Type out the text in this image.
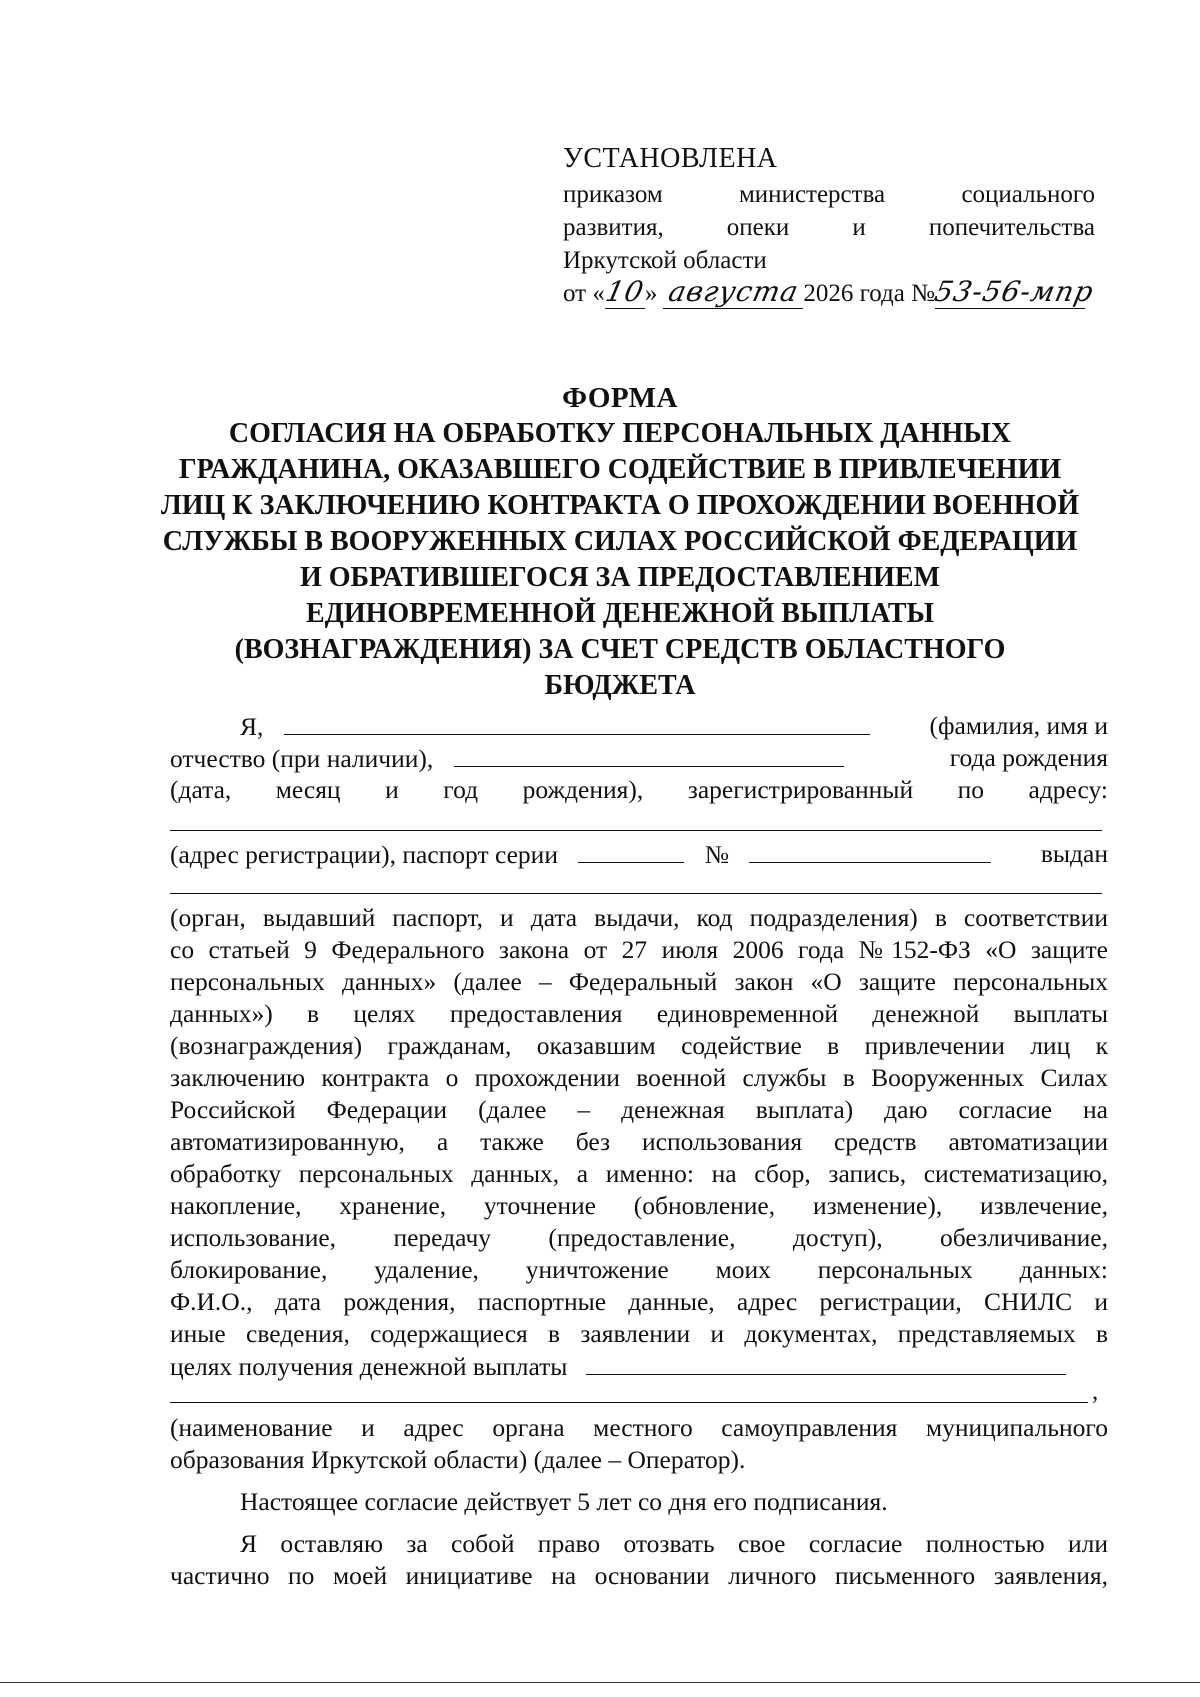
УСТАНОВЛЕНА
приказом	министерства	социального
развития,	опеки	и	попечительства
Иркутской области
от «10» августа2026 года №53-56-мпр
ФОРМА
СОГЛАСИЯ НА ОБРАБОТКУ ПЕРСОНАЛЬНЫХ ДАННЫХ
ГРАЖДАНИНА, ОКАЗАВШЕГО СОДЕЙСТВИЕ В ПРИВЛЕЧЕНИИ
ЛИЦ К ЗАКЛЮЧЕНИЮ КОНТРАКТА О ПРОХОЖДЕНИИ ВОЕННОЙ
СЛУЖБЫ В ВООРУЖЕННЫХ СИЛАХ РОССИЙСКОЙ ФЕДЕРАЦИИ
И ОБРАТИВШЕГОСЯ ЗА ПРЕДОСТАВЛЕНИЕМ
ЕДИНОВРЕМЕННОЙ ДЕНЕЖНОЙ ВЫПЛАТЫ
(ВОЗНАГРАЖДЕНИЯ) ЗА СЧЕТ СРЕДСТВ ОБЛАСТНОГО
БЮДЖЕТА
Я,	(фамилия, имя и
отчество (при наличии),	года рождения
(дата, месяц и год рождения), зарегистрированный по адресу:
(адрес регистрации), паспорт серии	№	выдан
(орган, выдавший паспорт, и дата выдачи, код подразделения) в соответствии
со статьей 9 Федерального закона от 27 июля 2006 года №152-ФЗ «О защите
персональных данных» (далее – Федеральный закон «О защите персональных
данных») в целях предоставления единовременной денежной выплаты
(вознаграждения) гражданам, оказавшим содействие в привлечении лиц к
заключению контракта о прохождении военной службы в Вооруженных Силах
Российской Федерации (далее – денежная выплата) даю согласие на
автоматизированную, а также без использования средств автоматизации
обработку персональных данных, а именно: на сбор, запись, систематизацию,
накопление, хранение, уточнение (обновление, изменение), извлечение,
использование, передачу (предоставление, доступ), обезличивание,
блокирование, удаление, уничтожение моих персональных данных:
Ф.И.О., дата рождения, паспортные данные, адрес регистрации, СНИЛС и
иные сведения, содержащиеся в заявлении и документах, представляемых в
целях получения денежной выплаты
,
(наименование и адрес органа местного самоуправления муниципального
образования Иркутской области) (далее – Оператор).
Настоящее согласие действует 5 лет со дня его подписания.
Я оставляю за собой право отозвать свое согласие полностью или
частично по моей инициативе на основании личного письменного заявления,
